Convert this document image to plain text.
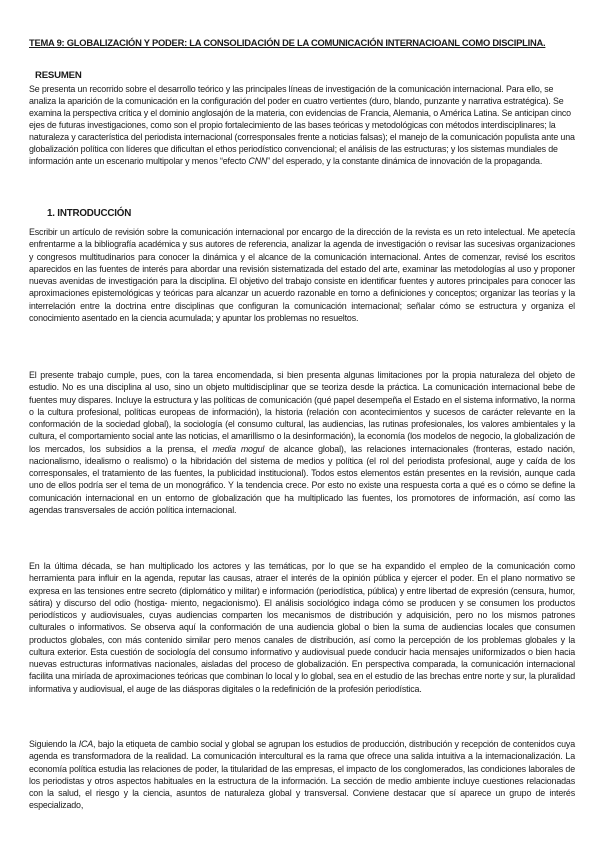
TEMA 9: GLOBALIZACIÓN Y PODER: LA CONSOLIDACIÓN DE LA COMUNICACIÓN INTERNACIOANL COMO DISCIPLINA.
RESUMEN
Se presenta un recorrido sobre el desarrollo teórico y las principales líneas de investigación de la comunicación internacional. Para ello, se analiza la aparición de la comunicación en la configuración del poder en cuatro vertientes (duro, blando, punzante y narrativa estratégica). Se examina la perspectiva crítica y el dominio anglosajón de la materia, con evidencias de Francia, Alemania, o América Latina. Se anticipan cinco ejes de futuras investigaciones, como son el propio fortalecimiento de las bases teóricas y metodológicas con métodos interdisciplinares; la naturaleza y característica del periodista internacional (corresponsales frente a noticias falsas); el manejo de la comunicación populista ante una globalización política con líderes que dificultan el ethos periodístico convencional; el análisis de las estructuras; y los sistemas mundiales de información ante un escenario multipolar y menos “efecto CNN” del esperado, y la constante dinámica de innovación de la propaganda.
1. INTRODUCCIÓN
Escribir un artículo de revisión sobre la comunicación internacional por encargo de la dirección de la revista es un reto intelectual. Me apetecía enfrentarme a la bibliografía académica y sus autores de referencia, analizar la agenda de investigación o revisar las sucesivas organizaciones y congresos multitudinarios para conocer la dinámica y el alcance de la comunicación internacional. Antes de comenzar, revisé los escritos aparecidos en las fuentes de interés para abordar una revisión sistematizada del estado del arte, examinar las metodologías al uso y proponer nuevas avenidas de investigación para la disciplina. El objetivo del trabajo consiste en identificar fuentes y autores principales para conocer las aproximaciones epistemológicas y teóricas para alcanzar un acuerdo razonable en torno a definiciones y conceptos; organizar las teorías y la interrelación entre la doctrina entre disciplinas que configuran la comunicación internacional; señalar cómo se estructura y organiza el conocimiento asentado en la ciencia acumulada; y apuntar los problemas no resueltos.
El presente trabajo cumple, pues, con la tarea encomendada, si bien presenta algunas limitaciones por la propia naturaleza del objeto de estudio. No es una disciplina al uso, sino un objeto multidisciplinar que se teoriza desde la práctica. La comunicación internacional bebe de fuentes muy dispares. Incluye la estructura y las políticas de comunicación (qué papel desempeña el Estado en el sistema informativo, la norma o la cultura profesional, políticas europeas de información), la historia (relación con acontecimientos y sucesos de carácter relevante en la conformación de la sociedad global), la sociología (el consumo cultural, las audiencias, las rutinas profesionales, los valores ambientales y la cultura, el comportamiento social ante las noticias, el amarillismo o la desinformación), la economía (los modelos de negocio, la globalización de los mercados, los subsidios a la prensa, el media mogul de alcance global), las relaciones internacionales (fronteras, estado nación, nacionalismo, idealismo o realismo) o la hibridación del sistema de medios y política (el rol del periodista profesional, auge y caída de los corresponsales, el tratamiento de las fuentes, la publicidad institucional). Todos estos elementos están presentes en la revisión, aunque cada uno de ellos podría ser el tema de un monográfico. Y la tendencia crece. Por esto no existe una respuesta corta a qué es o cómo se define la comunicación internacional en un entorno de globalización que ha multiplicado las fuentes, los promotores de información, así como las agendas transversales de acción política internacional.
En la última década, se han multiplicado los actores y las temáticas, por lo que se ha expandido el empleo de la comunicación como herramienta para influir en la agenda, reputar las causas, atraer el interés de la opinión pública y ejercer el poder. En el plano normativo se expresa en las tensiones entre secreto (diplomático y militar) e información (periodística, pública) y entre libertad de expresión (censura, humor, sátira) y discurso del odio (hostiga- miento, negacionismo). El análisis sociológico indaga cómo se producen y se consumen los productos periodísticos y audiovisuales, cuyas audiencias comparten los mecanismos de distribución y adquisición, pero no los mismos patrones culturales o informativos. Se observa aquí la conformación de una audiencia global o bien la suma de audiencias locales que consumen productos globales, con más contenido similar pero menos canales de distribución, así como la percepción de los problemas globales y la cultura exterior. Esta cuestión de sociología del consumo informativo y audiovisual puede conducir hacia mensajes uniformizados o bien hacia nuevas estructuras informativas nacionales, aisladas del proceso de globalización. En perspectiva comparada, la comunicación internacional facilita una miríada de aproximaciones teóricas que combinan lo local y lo global, sea en el estudio de las brechas entre norte y sur, la pluralidad informativa y audiovisual, el auge de las diásporas digitales o la redefinición de la profesión periodística.
Siguiendo la ICA, bajo la etiqueta de cambio social y global se agrupan los estudios de producción, distribución y recepción de contenidos cuya agenda es transformadora de la realidad. La comunicación intercultural es la rama que ofrece una salida intuitiva a la internacionalización. La economía política estudia las relaciones de poder, la titularidad de las empresas, el impacto de los conglomerados, las condiciones laborales de los periodistas y otros aspectos habituales en la estructura de la información. La sección de medio ambiente incluye cuestiones relacionadas con la salud, el riesgo y la ciencia, asuntos de naturaleza global y transversal. Conviene destacar que sí aparece un grupo de interés especializado,
